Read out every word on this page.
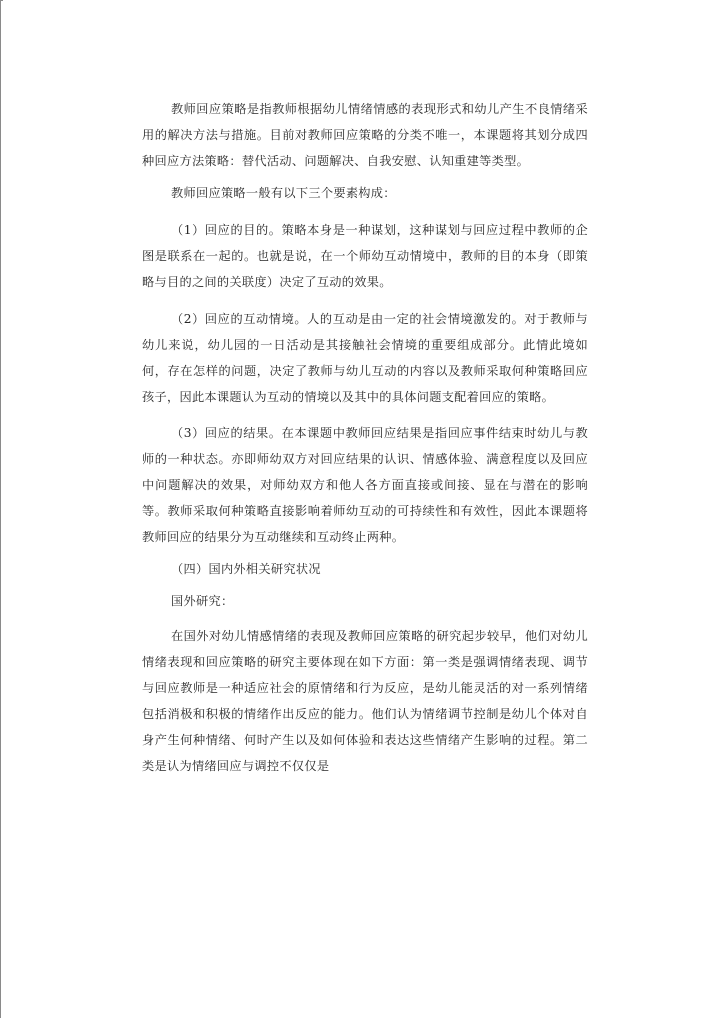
教师回应策略是指教师根据幼儿情绪情感的表现形式和幼儿产生不良情绪采用的解决方法与措施。目前对教师回应策略的分类不唯一，本课题将其划分成四种回应方法策略：替代活动、问题解决、自我安慰、认知重建等类型。

教师回应策略一般有以下三个要素构成：

（1）回应的目的。策略本身是一种谋划，这种谋划与回应过程中教师的企图是联系在一起的。也就是说，在一个师幼互动情境中，教师的目的本身（即策略与目的之间的关联度）决定了互动的效果。

（2）回应的互动情境。人的互动是由一定的社会情境激发的。对于教师与幼儿来说，幼儿园的一日活动是其接触社会情境的重要组成部分。此情此境如何，存在怎样的问题，决定了教师与幼儿互动的内容以及教师采取何种策略回应孩子，因此本课题认为互动的情境以及其中的具体问题支配着回应的策略。

（3）回应的结果。在本课题中教师回应结果是指回应事件结束时幼儿与教师的一种状态。亦即师幼双方对回应结果的认识、情感体验、满意程度以及回应中问题解决的效果，对师幼双方和他人各方面直接或间接、显在与潜在的影响等。教师采取何种策略直接影响着师幼互动的可持续性和有效性，因此本课题将教师回应的结果分为互动继续和互动终止两种。

（四）国内外相关研究状况

国外研究：

在国外对幼儿情感情绪的表现及教师回应策略的研究起步较早，他们对幼儿情绪表现和回应策略的研究主要体现在如下方面：第一类是强调情绪表现、调节与回应教师是一种适应社会的原情绪和行为反应，是幼儿能灵活的对一系列情绪包括消极和积极的情绪作出反应的能力。他们认为情绪调节控制是幼儿个体对自身产生何种情绪、何时产生以及如何体验和表达这些情绪产生影响的过程。第二类是认为情绪回应与调控不仅仅是
